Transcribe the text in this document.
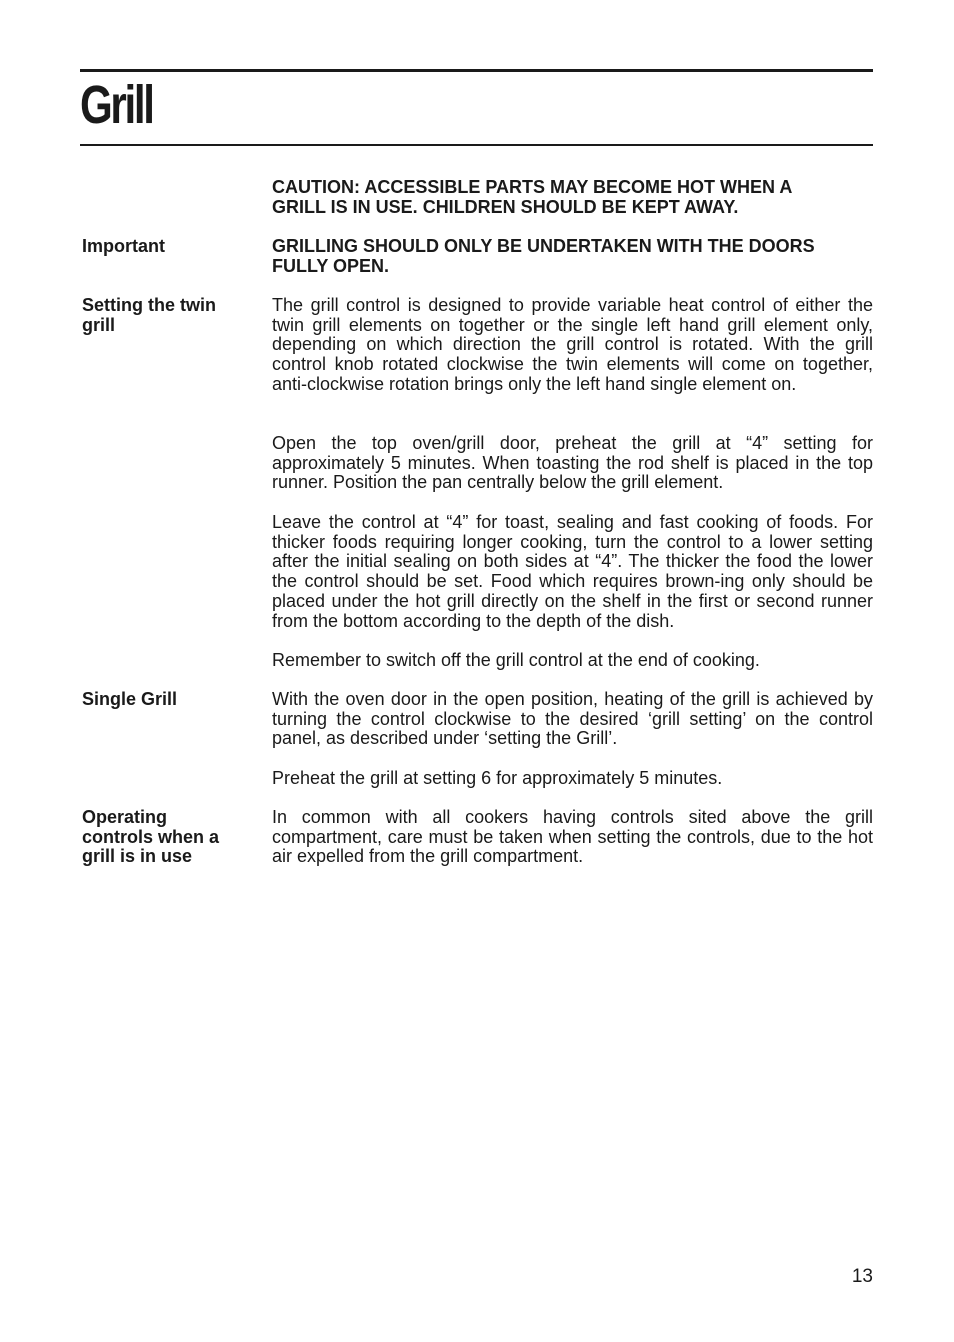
Grill

CAUTION: ACCESSIBLE PARTS MAY BECOME HOT WHEN A GRILL IS IN USE. CHILDREN SHOULD BE KEPT AWAY.

Important	GRILLING SHOULD ONLY BE UNDERTAKEN WITH THE DOORS FULLY OPEN.

Setting the twin grill

The grill control is designed to provide variable heat control of either the twin grill elements on together or the single left hand grill element only, depending on which direction the grill control is rotated. With the grill control knob rotated clockwise the twin elements will come on together, anti-clockwise rotation brings only the left hand single element on.

Open the top oven/grill door, preheat the grill at “4” setting for approximately 5 minutes. When toasting the rod shelf is placed in the top runner. Position the pan centrally below the grill element.

Leave the control at “4” for toast, sealing and fast cooking of foods. For thicker foods requiring longer cooking, turn the control to a lower setting after the initial sealing on both sides at “4”. The thicker the food the lower the control should be set. Food which requires brown-ing only should be placed under the hot grill directly on the shelf in the first or second runner from the bottom according to the depth of the dish.

Remember to switch off the grill control at the end of cooking.

Single Grill	With the oven door in the open position, heating of the grill is achieved by turning the control clockwise to the desired ‘grill setting’ on the control panel, as described under ‘setting the Grill’.

Preheat the grill at setting 6 for approximately 5 minutes.

Operating controls when a grill is in use

In common with all cookers having controls sited above the grill compartment, care must be taken when setting the controls, due to the hot air expelled from the grill compartment.

13
